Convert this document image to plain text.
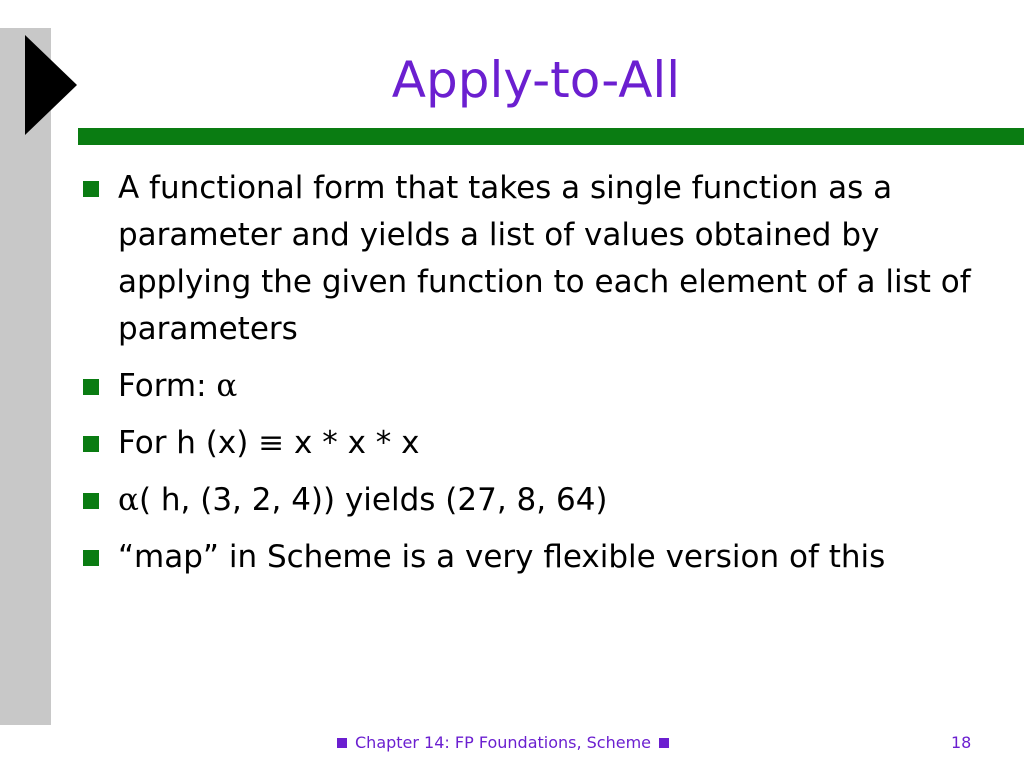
Apply-to-All
A functional form that takes a single function as a parameter and yields a list of values obtained by applying the given function to each element of a list of parameters
Form: α
For h (x) ≡ x * x * x
α( h, (3, 2, 4)) yields (27, 8, 64)
“map” in Scheme is a very flexible version of this
Chapter 14: FP Foundations, Scheme	18
